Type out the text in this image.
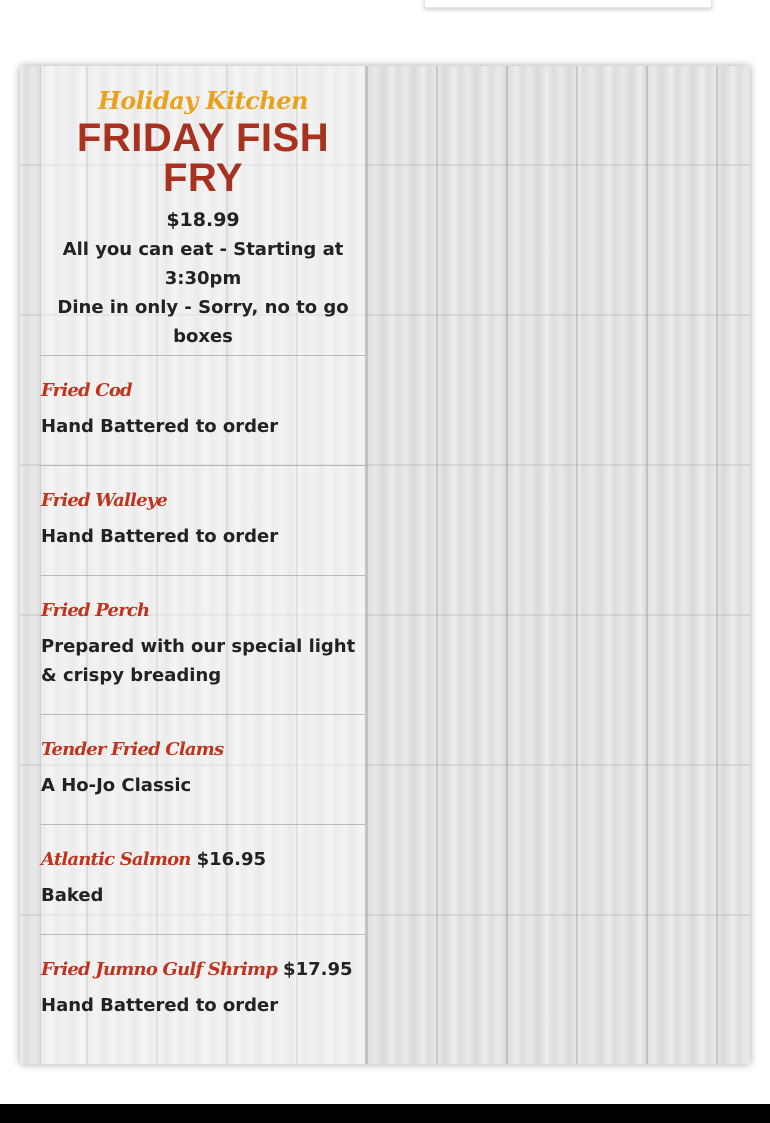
Holiday Kitchen
FRIDAY FISH FRY
$18.99
All you can eat - Starting at 3:30pm
Dine in only - Sorry, no to go boxes
Fried Cod
Hand Battered to order
Fried Walleye
Hand Battered to order
Fried Perch
Prepared with our special light & crispy breading
Tender Fried Clams
A Ho-Jo Classic
Atlantic Salmon $16.95
Baked
Fried Jumno Gulf Shrimp $17.95
Hand Battered to order
